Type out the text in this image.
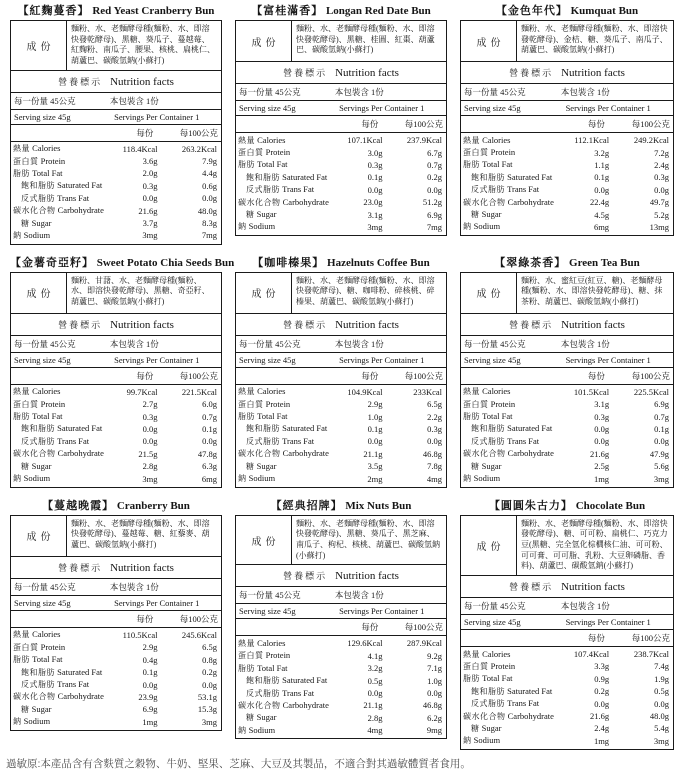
【紅麴蔓香】 Red Yeast Cranberry Bun
成份
麵粉、水、老麵酵母種(麵粉、水、即溶快發乾酵母)、黑糖、葵瓜子、蔓越莓、紅麴粉、南瓜子、腰果、核桃、扁桃仁、葫蘆巴、碳酸氫鈉(小蘇打)
營養標示 Nutrition facts
每一份量 45公克	本包裝含 1份
Serving size 45g	Servings Per Container 1
每份	每100公克
熱量 Calories	118.4Kcal	263.2Kcal
蛋白質 Protein	3.6g	7.9g
脂肪 Total Fat	2.0g	4.4g
飽和脂肪 Saturated Fat	0.3g	0.6g
反式脂肪 Trans Fat	0.0g	0.0g
碳水化合物 Carbohydrate	21.6g	48.0g
糖 Sugar	3.7g	8.3g
鈉 Sodium	3mg	7mg
【富桂滿香】 Longan Red Date Bun
成份
麵粉、水、老麵酵母種(麵粉、水、即溶快發乾酵母)、黑糖、桂圓、紅棗、葫蘆巴、碳酸氫鈉(小蘇打)
營養標示 Nutrition facts
每一份量 45公克	本包裝含 1份
Serving size 45g	Servings Per Container 1
每份	每100公克
熱量 Calories	107.1Kcal	237.9Kcal
蛋白質 Protein	3.0g	6.7g
脂肪 Total Fat	0.3g	0.7g
飽和脂肪 Saturated Fat	0.1g	0.2g
反式脂肪 Trans Fat	0.0g	0.0g
碳水化合物 Carbohydrate	23.0g	51.2g
糖 Sugar	3.1g	6.9g
鈉 Sodium	3mg	7mg
【金色年代】 Kumquat Bun
成份
麵粉、水、老麵酵母種(麵粉、水、即溶快發乾酵母)、金桔、糖、葵瓜子、南瓜子、葫蘆巴、碳酸氫鈉(小蘇打)
營養標示 Nutrition facts
每一份量 45公克	本包裝含 1份
Serving size 45g	Servings Per Container 1
每份	每100公克
熱量 Calories	112.1Kcal	249.2Kcal
蛋白質 Protein	3.2g	7.2g
脂肪 Total Fat	1.1g	2.4g
飽和脂肪 Saturated Fat	0.1g	0.3g
反式脂肪 Trans Fat	0.0g	0.0g
碳水化合物 Carbohydrate	22.4g	49.7g
糖 Sugar	4.5g	5.2g
鈉 Sodium	6mg	13mg
【金薯奇亞籽】 Sweet Potato Chia Seeds Bun
成份
麵粉、甘藷、水、老麵酵母種(麵粉、水、即溶快發乾酵母)、黑糖、奇亞籽、葫蘆巴、碳酸氫鈉(小蘇打)
營養標示 Nutrition facts
每一份量 45公克	本包裝含 1份
Serving size 45g	Servings Per Container 1
每份	每100公克
熱量 Calories	99.7Kcal	221.5Kcal
蛋白質 Protein	2.7g	6.0g
脂肪 Total Fat	0.3g	0.7g
飽和脂肪 Saturated Fat	0.0g	0.1g
反式脂肪 Trans Fat	0.0g	0.0g
碳水化合物 Carbohydrate	21.5g	47.8g
糖 Sugar	2.8g	6.3g
鈉 Sodium	3mg	6mg
【咖啡榛果】 Hazelnuts Coffee Bun
成份
麵粉、水、老麵酵母種(麵粉、水、即溶快發乾酵母)、糖、咖啡粉、碎核桃、碎榛果、葫蘆巴、碳酸氫鈉(小蘇打)
營養標示 Nutrition facts
每一份量 45公克	本包裝含 1份
Serving size 45g	Servings Per Container 1
每份	每100公克
熱量 Calories	104.9Kcal	233Kcal
蛋白質 Protein	2.9g	6.5g
脂肪 Total Fat	1.0g	2.2g
飽和脂肪 Saturated Fat	0.1g	0.3g
反式脂肪 Trans Fat	0.0g	0.0g
碳水化合物 Carbohydrate	21.1g	46.8g
糖 Sugar	3.5g	7.8g
鈉 Sodium	2mg	4mg
【翠綠茶香】 Green Tea Bun
成份
麵粉、水、蜜紅豆(紅豆、糖)、老麵酵母種(麵粉、水、即溶快發乾酵母)、糖、抹茶粉、葫蘆巴、碳酸氫鈉(小蘇打)
營養標示 Nutrition facts
每一份量 45公克	本包裝含 1份
Serving size 45g	Servings Per Container 1
每份	每100公克
熱量 Calories	101.5Kcal	225.5Kcal
蛋白質 Protein	3.1g	6.9g
脂肪 Total Fat	0.3g	0.7g
飽和脂肪 Saturated Fat	0.0g	0.1g
反式脂肪 Trans Fat	0.0g	0.0g
碳水化合物 Carbohydrate	21.6g	47.9g
糖 Sugar	2.5g	5.6g
鈉 Sodium	1mg	3mg
【蔓越晚霞】 Cranberry Bun
成份
麵粉、水、老麵酵母種(麵粉、水、即溶快發乾酵母)、蔓越莓、糖、紅藜麥、葫蘆巴、碳酸氫鈉(小蘇打)
營養標示 Nutrition facts
每一份量 45公克	本包裝含 1份
Serving size 45g	Servings Per Container 1
每份	每100公克
熱量 Calories	110.5Kcal	245.6Kcal
蛋白質 Protein	2.9g	6.5g
脂肪 Total Fat	0.4g	0.8g
飽和脂肪 Saturated Fat	0.1g	0.2g
反式脂肪 Trans Fat	0.0g	0.0g
碳水化合物 Carbohydrate	23.9g	53.1g
糖 Sugar	6.9g	15.3g
鈉 Sodium	1mg	3mg
【經典招牌】 Mix Nuts Bun
成份
麵粉、水、老麵酵母種(麵粉、水、即溶快發乾酵母)、黑糖、葵瓜子、黑芝麻、南瓜子、枸杞、核桃、葫蘆巴、碳酸氫鈉(小蘇打)
營養標示 Nutrition facts
每一份量 45公克	本包裝含 1份
Serving size 45g	Servings Per Container 1
每份	每100公克
熱量 Calories	129.6Kcal	287.9Kcal
蛋白質 Protein	4.1g	9.2g
脂肪 Total Fat	3.2g	7.1g
飽和脂肪 Saturated Fat	0.5g	1.0g
反式脂肪 Trans Fat	0.0g	0.0g
碳水化合物 Carbohydrate	21.1g	46.8g
糖 Sugar	2.8g	6.2g
鈉 Sodium	4mg	9mg
【圓圓朱古力】 Chocolate Bun
成份
麵粉、水、老麵酵母種(麵粉、水、即溶快發乾酵母)、糖、可可粉、扁桃仁、巧克力豆(黑糖、完全氫化棕櫚核仁油、可可粉、可可膏、可可脂、乳粉、大豆卵磷脂、香料)、葫蘆巴、碳酸氫鈉(小蘇打)
營養標示 Nutrition facts
每一份量 45公克	本包裝含 1份
Serving size 45g	Servings Per Container 1
每份	每100公克
熱量 Calories	107.4Kcal	238.7Kcal
蛋白質 Protein	3.3g	7.4g
脂肪 Total Fat	0.9g	1.9g
飽和脂肪 Saturated Fat	0.2g	0.5g
反式脂肪 Trans Fat	0.0g	0.0g
碳水化合物 Carbohydrate	21.6g	48.0g
糖 Sugar	2.4g	5.4g
鈉 Sodium	1mg	3mg
過敏原:本產品含有含麩質之穀物、牛奶、堅果、芝麻、大豆及其製品，不適合對其過敏體質者食用。
